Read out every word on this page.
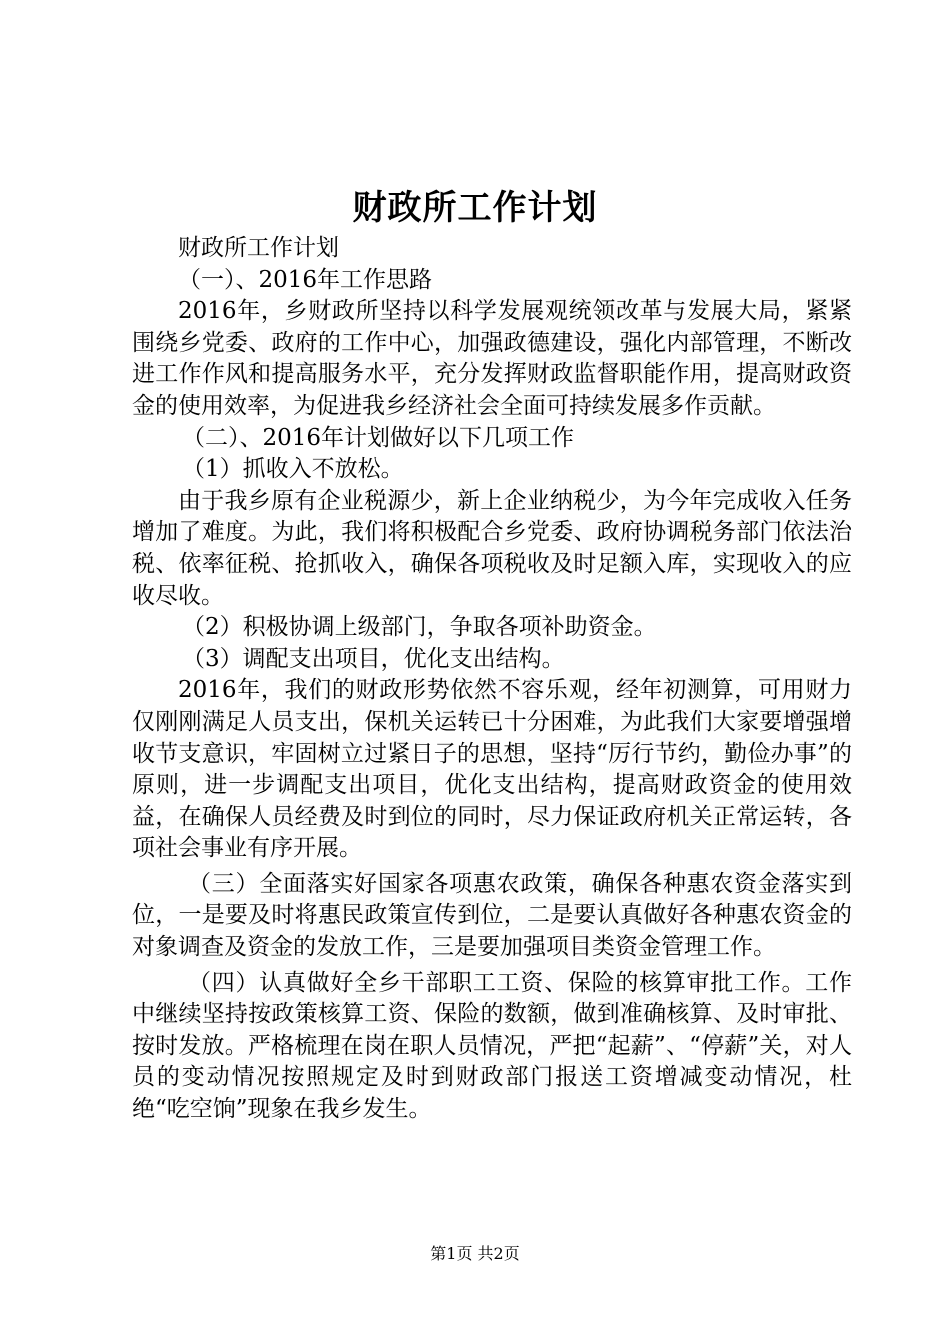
财政所工作计划

财政所工作计划

（一）、2016年工作思路

2016年，乡财政所坚持以科学发展观统领改革与发展大局，紧紧围绕乡党委、政府的工作中心，加强政德建设，强化内部管理，不断改进工作作风和提高服务水平，充分发挥财政监督职能作用，提高财政资金的使用效率，为促进我乡经济社会全面可持续发展多作贡献。

（二）、2016年计划做好以下几项工作

（1）抓收入不放松。

由于我乡原有企业税源少，新上企业纳税少，为今年完成收入任务增加了难度。为此，我们将积极配合乡党委、政府协调税务部门依法治税、依率征税、抢抓收入，确保各项税收及时足额入库，实现收入的应收尽收。

（2）积极协调上级部门，争取各项补助资金。

（3）调配支出项目，优化支出结构。

2016年，我们的财政形势依然不容乐观，经年初测算，可用财力仅刚刚满足人员支出，保机关运转已十分困难，为此我们大家要增强增收节支意识，牢固树立过紧日子的思想，坚持“厉行节约，勤俭办事”的原则，进一步调配支出项目，优化支出结构，提高财政资金的使用效益，在确保人员经费及时到位的同时，尽力保证政府机关正常运转，各项社会事业有序开展。

（三）全面落实好国家各项惠农政策，确保各种惠农资金落实到位，一是要及时将惠民政策宣传到位，二是要认真做好各种惠农资金的对象调查及资金的发放工作，三是要加强项目类资金管理工作。

（四）认真做好全乡干部职工工资、保险的核算审批工作。工作中继续坚持按政策核算工资、保险的数额，做到准确核算、及时审批、按时发放。严格梳理在岗在职人员情况，严把“起薪”、“停薪”关，对人员的变动情况按照规定及时到财政部门报送工资增减变动情况，杜绝“吃空饷”现象在我乡发生。

第1页 共2页
